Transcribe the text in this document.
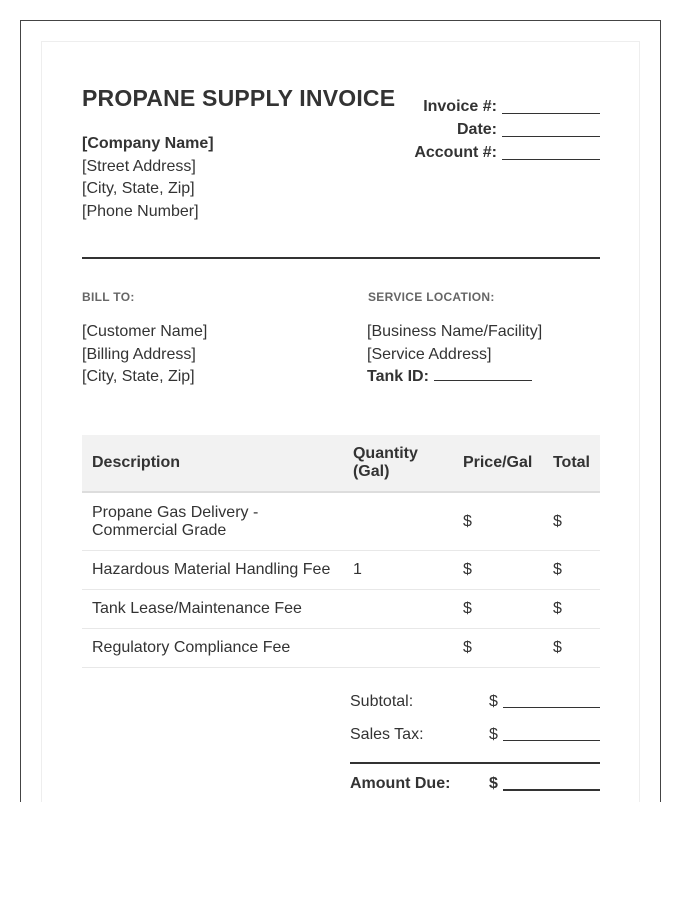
PROPANE SUPPLY INVOICE
[Company Name]
[Street Address]
[City, State, Zip]
[Phone Number]
Invoice #:
Date:
Account #:
BILL TO:
[Customer Name]
[Billing Address]
[City, State, Zip]
SERVICE LOCATION:
[Business Name/Facility]
[Service Address]
Tank ID:
Description	Quantity (Gal)	Price/Gal	Total
Propane Gas Delivery - Commercial Grade		$	$
Hazardous Material Handling Fee	1	$	$
Tank Lease/Maintenance Fee		$	$
Regulatory Compliance Fee		$	$
Subtotal:	$
Sales Tax:	$
Amount Due: $
